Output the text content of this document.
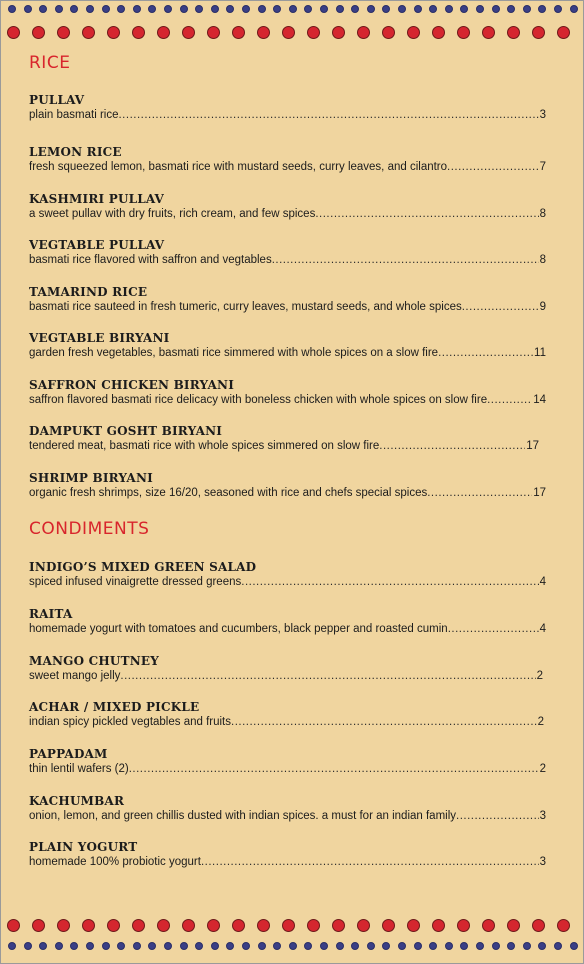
RICE
PULLAV
plain basmati rice .....	3
LEMON RICE
fresh squeezed lemon, basmati rice with mustard seeds, curry leaves, and cilantro .....	7
KASHMIRI PULLAV
a sweet pullav with dry fruits, rich cream, and few spices .....	8
VEGTABLE PULLAV
basmati rice flavored with saffron and vegtables .....	8
TAMARIND RICE
basmati rice sauteed in fresh tumeric, curry leaves, mustard seeds, and whole spices .....	9
VEGTABLE BIRYANI
garden fresh vegetables, basmati rice simmered with whole spices on a slow fire .....	11
SAFFRON CHICKEN BIRYANI
saffron flavored basmati rice delicacy with boneless chicken with whole spices on slow fire .....	14
DAMPUKT GOSHT BIRYANI
tendered meat, basmati rice with whole spices simmered on slow fire .....	17
SHRIMP BIRYANI
organic fresh shrimps, size 16/20, seasoned with rice and chefs special spices .....	17
CONDIMENTS
INDIGO’S MIXED GREEN SALAD
spiced infused vinaigrette dressed greens .....	4
RAITA
homemade yogurt with tomatoes and cucumbers, black pepper and roasted cumin .....	4
MANGO CHUTNEY
sweet mango jelly .....	2
ACHAR / MIXED PICKLE
indian spicy pickled vegtables and fruits .....	2
PAPPADAM
thin lentil wafers (2) .....	2
KACHUMBAR
onion, lemon, and green chillis dusted with indian spices. a must for an indian family .....	3
PLAIN YOGURT
homemade 100% probiotic yogurt .....	3
